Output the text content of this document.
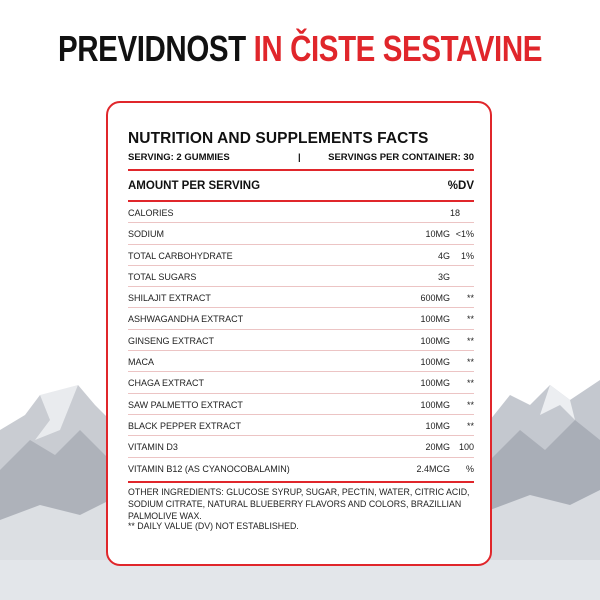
PREVIDNOST IN ČISTE SESTAVINE
NUTRITION AND SUPPLEMENTS FACTS
SERVING: 2 GUMMIES	|	SERVINGS PER CONTAINER: 30
AMOUNT PER SERVING	%DV
CALORIES	18
SODIUM	10MG <1%
TOTAL CARBOHYDRATE	4G	1%
TOTAL SUGARS	3G
SHILAJIT EXTRACT	600MG	**
ASHWAGANDHA EXTRACT	100MG	**
GINSENG EXTRACT	100MG	**
MACA	100MG	**
CHAGA EXTRACT	100MG	**
SAW PALMETTO EXTRACT	100MG	**
BLACK PEPPER EXTRACT	10MG	**
VITAMIN D3	20MG 100
VITAMIN B12 (AS CYANOCOBALAMIN)	2.4MCG	%
OTHER INGREDIENTS: GLUCOSE SYRUP, SUGAR, PECTIN, WATER, CITRIC ACID, SODIUM CITRATE, NATURAL BLUEBERRY FLAVORS AND COLORS, BRAZILLIAN PALMOLIVE WAX.
** DAILY VALUE (DV) NOT ESTABLISHED.
